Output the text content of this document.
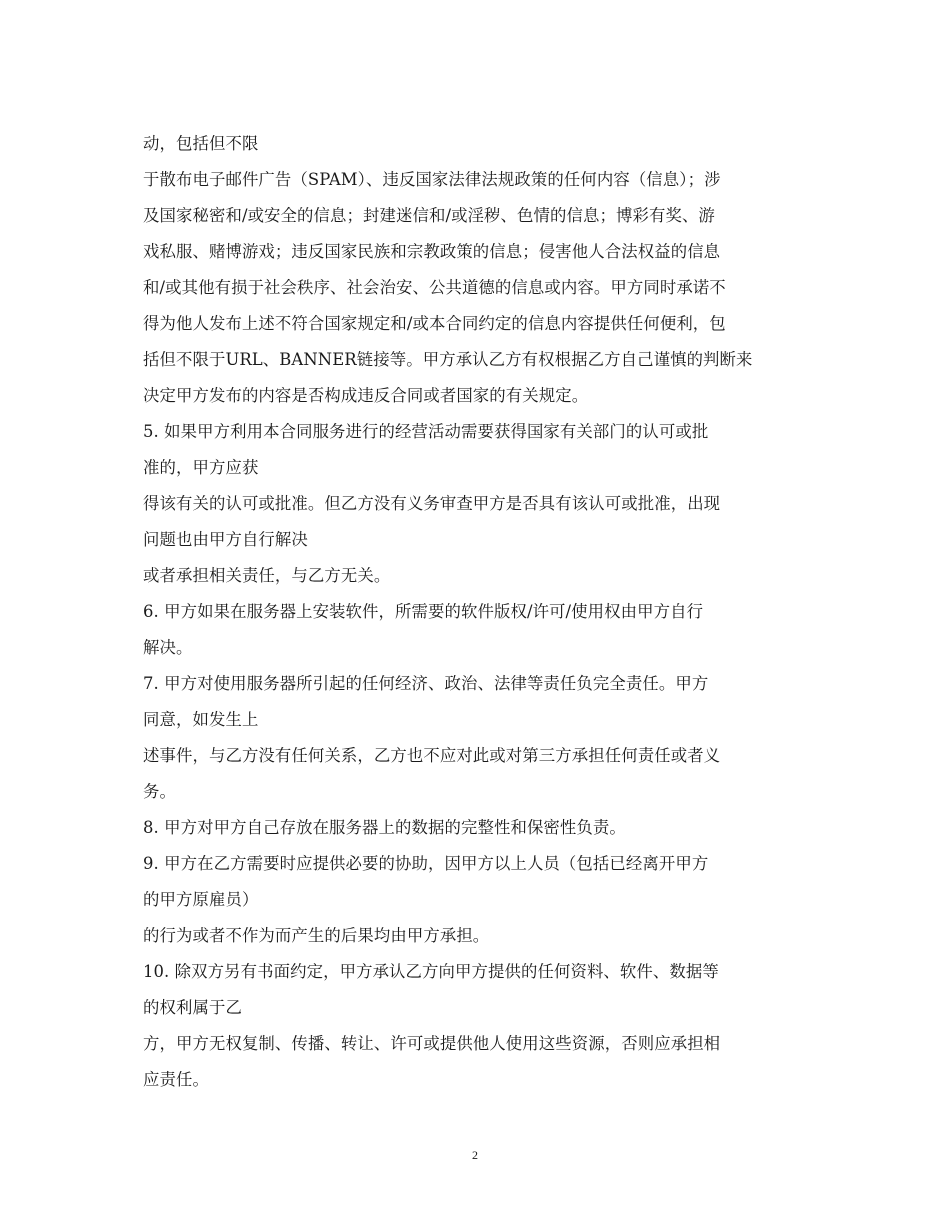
动，包括但不限
于散布电子邮件广告（SPAM）、违反国家法律法规政策的任何内容（信息）；涉
及国家秘密和/或安全的信息；封建迷信和/或淫秽、色情的信息；博彩有奖、游
戏私服、赌博游戏；违反国家民族和宗教政策的信息；侵害他人合法权益的信息
和/或其他有损于社会秩序、社会治安、公共道德的信息或内容。甲方同时承诺不
得为他人发布上述不符合国家规定和/或本合同约定的信息内容提供任何便利，包
括但不限于URL、BANNER链接等。甲方承认乙方有权根据乙方自己谨慎的判断来
决定甲方发布的内容是否构成违反合同或者国家的有关规定。
5. 如果甲方利用本合同服务进行的经营活动需要获得国家有关部门的认可或批
准的，甲方应获
得该有关的认可或批准。但乙方没有义务审查甲方是否具有该认可或批准，出现
问题也由甲方自行解决
或者承担相关责任，与乙方无关。
6. 甲方如果在服务器上安装软件，所需要的软件版权/许可/使用权由甲方自行
解决。
7. 甲方对使用服务器所引起的任何经济、政治、法律等责任负完全责任。甲方
同意，如发生上
述事件，与乙方没有任何关系，乙方也不应对此或对第三方承担任何责任或者义
务。
8. 甲方对甲方自己存放在服务器上的数据的完整性和保密性负责。
9. 甲方在乙方需要时应提供必要的协助，因甲方以上人员（包括已经离开甲方
的甲方原雇员）
的行为或者不作为而产生的后果均由甲方承担。
10. 除双方另有书面约定，甲方承认乙方向甲方提供的任何资料、软件、数据等
的权利属于乙
方，甲方无权复制、传播、转让、许可或提供他人使用这些资源，否则应承担相
应责任。
2
